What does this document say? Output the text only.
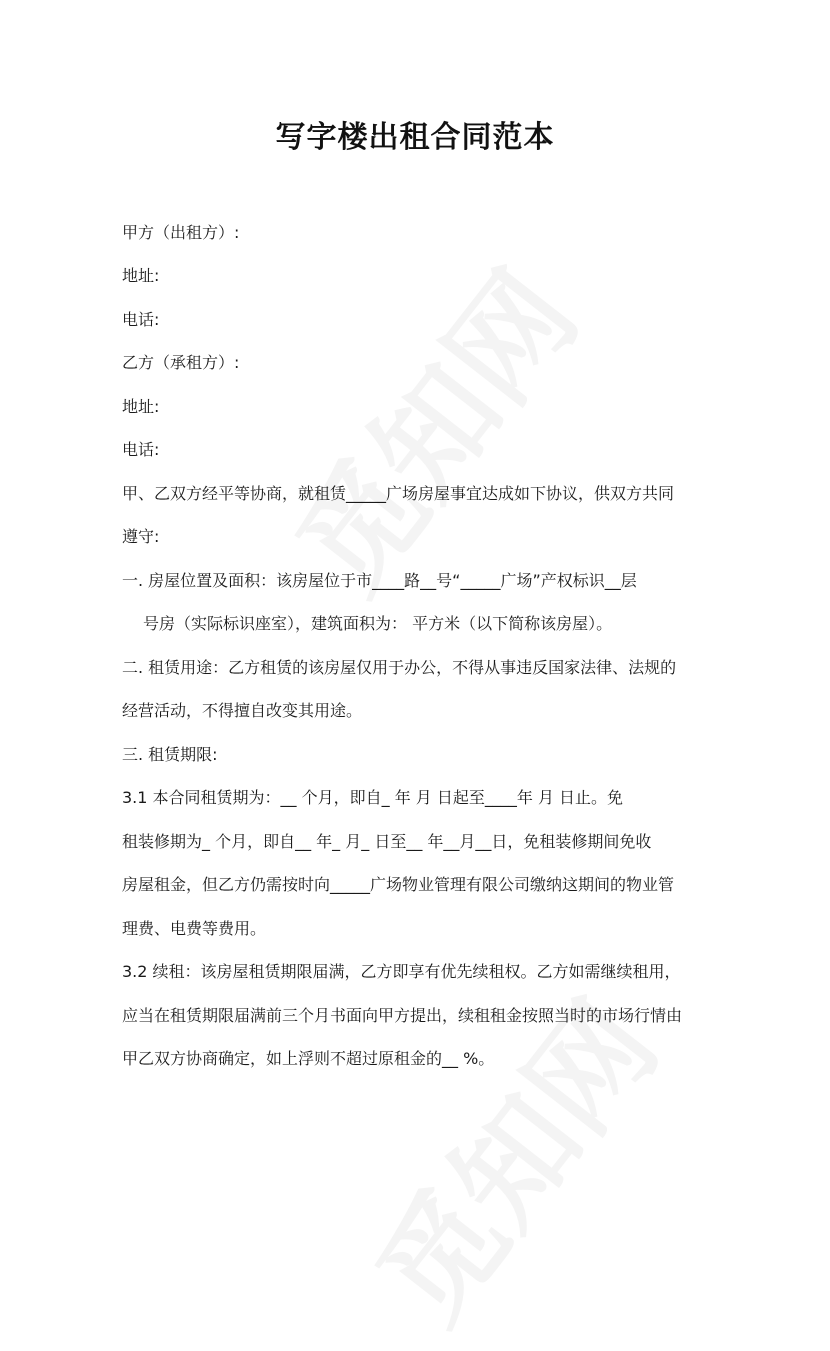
写字楼出租合同范本
甲方（出租方）:
地址:
电话:
乙方（承租方）:
地址:
电话:
甲、乙双方经平等协商，就租赁_____广场房屋事宜达成如下协议，供双方共同
遵守:
一. 房屋位置及面积：该房屋位于市____路__号“_____广场”产权标识__层
号房（实际标识座室），建筑面积为： 平方米（以下简称该房屋）。
二. 租赁用途：乙方租赁的该房屋仅用于办公，不得从事违反国家法律、法规的
经营活动，不得擅自改变其用途。
三. 租赁期限:
3.1 本合同租赁期为：__ 个月，即自_ 年 月 日起至____年 月 日止。免
租装修期为_ 个月，即自__ 年_ 月_ 日至__ 年__月__日，免租装修期间免收
房屋租金，但乙方仍需按时向_____广场物业管理有限公司缴纳这期间的物业管
理费、电费等费用。
3.2 续租：该房屋租赁期限届满，乙方即享有优先续租权。乙方如需继续租用，
应当在租赁期限届满前三个月书面向甲方提出，续租租金按照当时的市场行情由
甲乙双方协商确定，如上浮则不超过原租金的__ %。
